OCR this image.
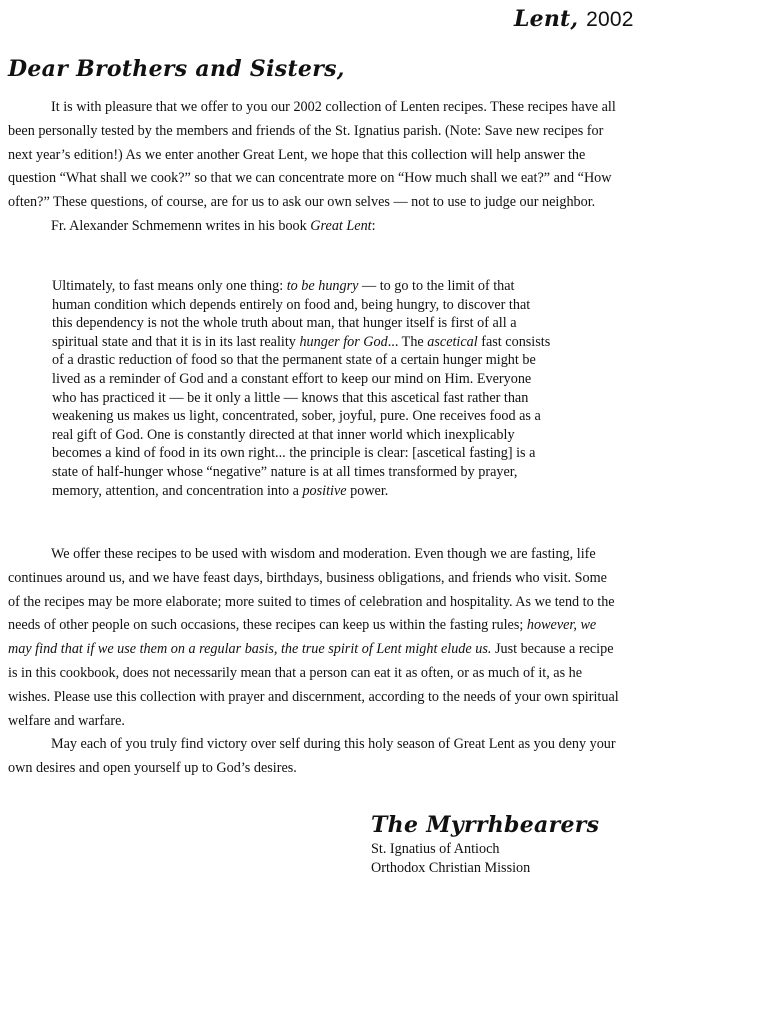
Lent, 2002
Dear Brothers and Sisters,

It is with pleasure that we offer to you our 2002 collection of Lenten recipes. These recipes have all been personally tested by the members and friends of the St. Ignatius parish. (Note: Save new recipes for next year’s edition!) As we enter another Great Lent, we hope that this collection will help answer the question “What shall we cook?” so that we can concentrate more on “How much shall we eat?” and “How often?” These questions, of course, are for us to ask our own selves — not to use to judge our neighbor.

Fr. Alexander Schmemenn writes in his book Great Lent:

Ultimately, to fast means only one thing: to be hungry — to go to the limit of that human condition which depends entirely on food and, being hungry, to discover that this dependency is not the whole truth about man, that hunger itself is first of all a spiritual state and that it is in its last reality hunger for God... The ascetical fast consists of a drastic reduction of food so that the permanent state of a certain hunger might be lived as a reminder of God and a constant effort to keep our mind on Him. Everyone who has practiced it — be it only a little — knows that this ascetical fast rather than weakening us makes us light, concentrated, sober, joyful, pure. One receives food as a real gift of God. One is constantly directed at that inner world which inexplicably becomes a kind of food in its own right... the principle is clear: [ascetical fasting] is a state of half-hunger whose “negative” nature is at all times transformed by prayer, memory, attention, and concentration into a positive power.

We offer these recipes to be used with wisdom and moderation. Even though we are fasting, life continues around us, and we have feast days, birthdays, business obligations, and friends who visit. Some of the recipes may be more elaborate; more suited to times of celebration and hospitality. As we tend to the needs of other people on such occasions, these recipes can keep us within the fasting rules; however, we may find that if we use them on a regular basis, the true spirit of Lent might elude us. Just because a recipe is in this cookbook, does not necessarily mean that a person can eat it as often, or as much of it, as he wishes. Please use this collection with prayer and discernment, according to the needs of your own spiritual welfare and warfare.

May each of you truly find victory over self during this holy season of Great Lent as you deny your own desires and open yourself up to God’s desires.

The Myrrhbearers
St. Ignatius of Antioch
Orthodox Christian Mission
